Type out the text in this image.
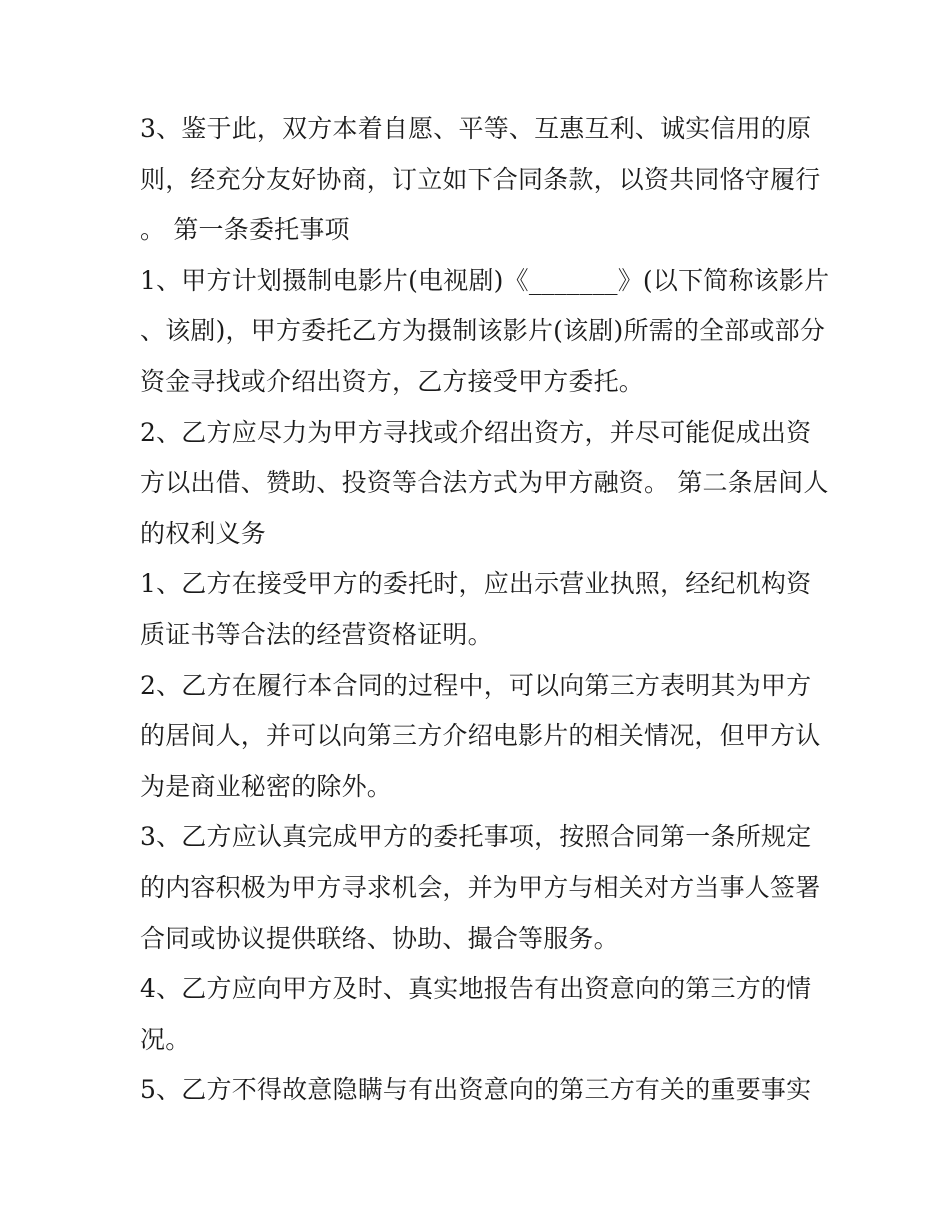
3、鉴于此，双方本着自愿、平等、互惠互利、诚实信用的原则，经充分友好协商，订立如下合同条款，以资共同恪守履行。 第一条委托事项

1、甲方计划摄制电影片(电视剧)《_______》(以下简称该影片、该剧)，甲方委托乙方为摄制该影片(该剧)所需的全部或部分资金寻找或介绍出资方，乙方接受甲方委托。

2、乙方应尽力为甲方寻找或介绍出资方，并尽可能促成出资方以出借、赞助、投资等合法方式为甲方融资。 第二条居间人的权利义务

1、乙方在接受甲方的委托时，应出示营业执照，经纪机构资质证书等合法的经营资格证明。

2、乙方在履行本合同的过程中，可以向第三方表明其为甲方的居间人，并可以向第三方介绍电影片的相关情况，但甲方认为是商业秘密的除外。

3、乙方应认真完成甲方的委托事项，按照合同第一条所规定的内容积极为甲方寻求机会，并为甲方与相关对方当事人签署合同或协议提供联络、协助、撮合等服务。

4、乙方应向甲方及时、真实地报告有出资意向的第三方的情况。

5、乙方不得故意隐瞒与有出资意向的第三方有关的重要事实
